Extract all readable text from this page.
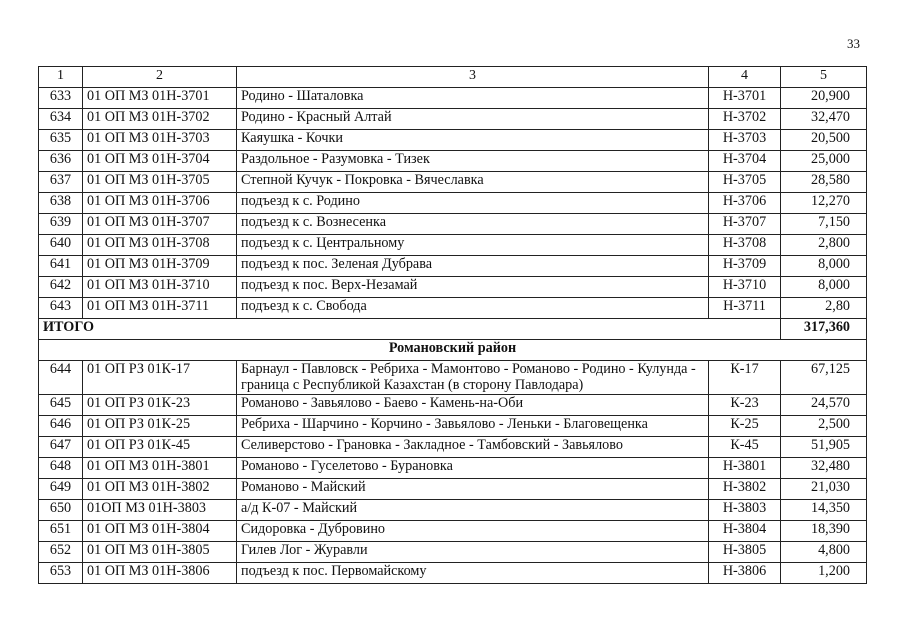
33
1	2	3	4	5
633	01 ОП МЗ 01Н-3701	Родино - Шаталовка	Н-3701	20,900
634	01 ОП МЗ 01Н-3702	Родино - Красный Алтай	Н-3702	32,470
635	01 ОП МЗ 01Н-3703	Каяушка - Кочки	Н-3703	20,500
636	01 ОП МЗ 01Н-3704	Раздольное - Разумовка - Тизек	Н-3704	25,000
637	01 ОП МЗ 01Н-3705	Степной Кучук - Покровка - Вячеславка	Н-3705	28,580
638	01 ОП МЗ 01Н-3706	подъезд к с. Родино	Н-3706	12,270
639	01 ОП МЗ 01Н-3707	подъезд к с. Вознесенка	Н-3707	7,150
640	01 ОП МЗ 01Н-3708	подъезд к с. Центральному	Н-3708	2,800
641	01 ОП МЗ 01Н-3709	подъезд к пос. Зеленая Дубрава	Н-3709	8,000
642	01 ОП МЗ 01Н-3710	подъезд к пос. Верх-Незамай	Н-3710	8,000
643	01 ОП МЗ 01Н-3711	подъезд к с. Свобода	Н-3711	2,80
ИТОГО				317,360
Романовский район				
644	01 ОП РЗ 01К-17	Барнаул - Павловск - Ребриха - Мамонтово - Романово - Родино - Кулунда - граница с Республикой Казахстан (в сторону Павлодара)	К-17	67,125
645	01 ОП РЗ 01К-23	Романово - Завьялово - Баево - Камень-на-Оби	К-23	24,570
646	01 ОП РЗ 01К-25	Ребриха - Шарчино - Корчино - Завьялово - Леньки - Благовещенка	К-25	2,500
647	01 ОП РЗ 01К-45	Селиверстово - Грановка - Закладное - Тамбовский - Завьялово	К-45	51,905
648	01 ОП МЗ 01Н-3801	Романово - Гуселетово - Бурановка	Н-3801	32,480
649	01 ОП МЗ 01Н-3802	Романово - Майский	Н-3802	21,030
650	01ОП МЗ 01Н-3803	а/д К-07 - Майский	Н-3803	14,350
651	01 ОП МЗ 01Н-3804	Сидоровка - Дубровино	Н-3804	18,390
652	01 ОП МЗ 01Н-3805	Гилев Лог - Журавли	Н-3805	4,800
653	01 ОП МЗ 01Н-3806	подъезд к пос. Первомайскому	Н-3806	1,200
